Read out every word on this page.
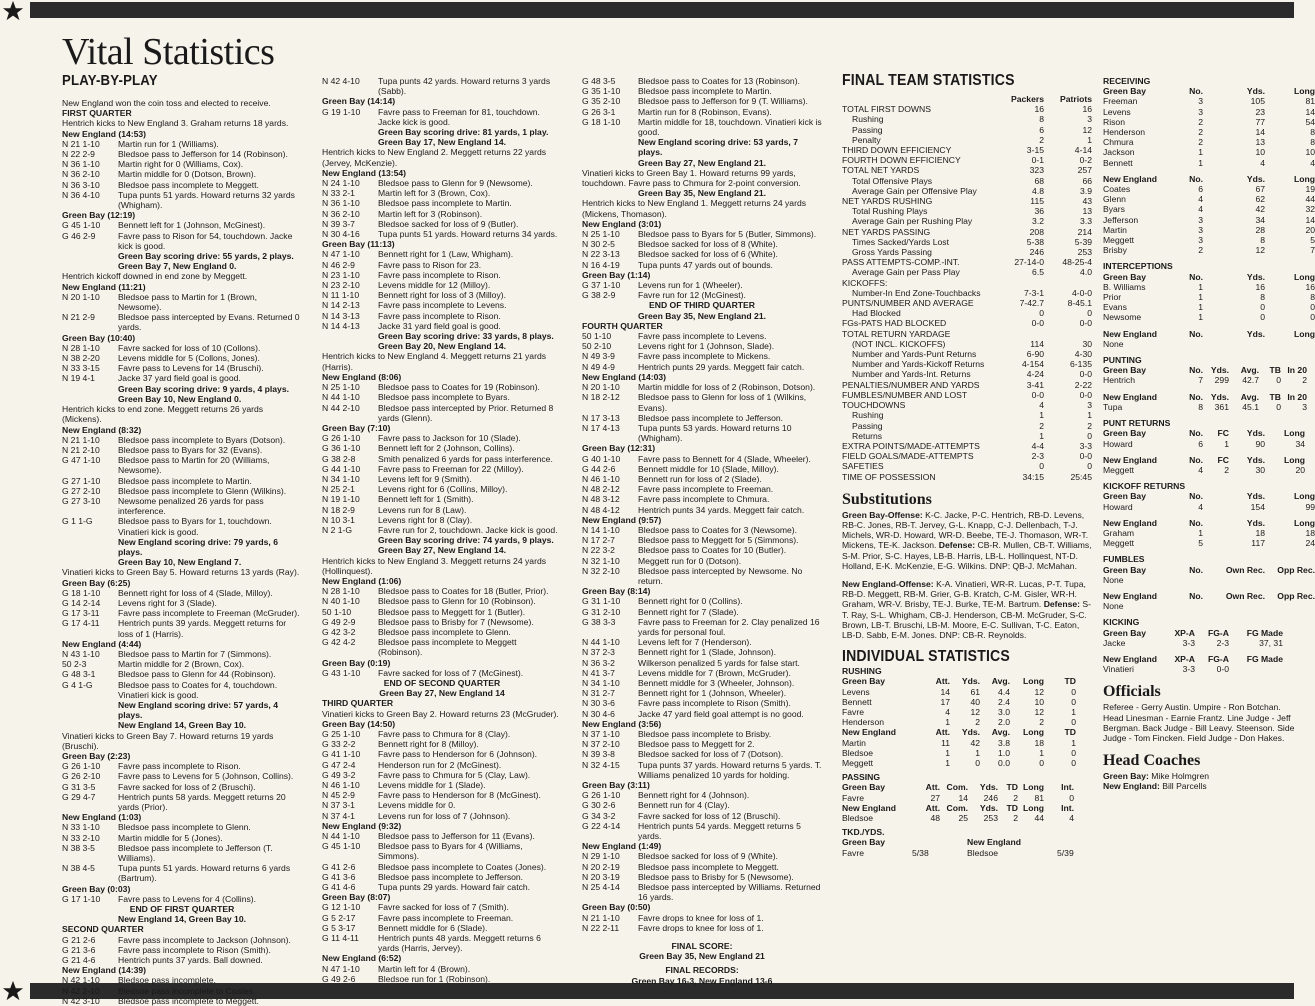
Vital Statistics
PLAY-BY-PLAY
New England won the coin toss and elected to receive.
FIRST QUARTER
Hentrich kicks to New England 3. Graham returns 18 yards.
New England (14:53)
N 21 1-10	Martin run for 1 (Williams).
N 22 2-9	Bledsoe pass to Jefferson for 14 (Robinson).
N 36 1-10	Martin right for 0 (Williams, Cox).
N 36 2-10	Martin middle for 0 (Dotson, Brown).
N 36 3-10	Bledsoe pass incomplete to Meggett.
N 36 4-10	Tupa punts 51 yards. Howard returns 32 yards (Whigham).
Green Bay (12:19)
G 45 1-10	Bennett left for 1 (Johnson, McGinest).
G 46 2-9	Favre pass to Rison for 54, touchdown. Jacke kick is good.
Green Bay scoring drive: 55 yards, 2 plays.
Green Bay 7, New England 0.
Hentrich kickoff downed in end zone by Meggett.
New England (11:21)
N 20 1-10	Bledsoe pass to Martin for 1 (Brown, Newsome).
N 21 2-9	Bledsoe pass intercepted by Evans. Returned 0 yards.
Green Bay (10:40)
N 28 1-10	Favre sacked for loss of 10 (Collons).
N 38 2-20	Levens middle for 5 (Collons, Jones).
N 33 3-15	Favre pass to Levens for 14 (Bruschi).
N 19 4-1	Jacke 37 yard field goal is good.
Green Bay scoring drive: 9 yards, 4 plays.
Green Bay 10, New England 0.
Hentrich kicks to end zone. Meggett returns 26 yards (Mickens).
New England (8:32)
N 21 1-10	Bledsoe pass incomplete to Byars (Dotson).
N 21 2-10	Bledsoe pass to Byars for 32 (Evans).
G 47 1-10	Bledsoe pass to Martin for 20 (Williams, Newsome).
G 27 1-10	Bledsoe pass incomplete to Martin.
G 27 2-10	Bledsoe pass incomplete to Glenn (Wilkins).
G 27 3-10	Newsome penalized 26 yards for pass interference.
G 1 1-G	Bledsoe pass to Byars for 1, touchdown. Vinatieri kick is good.
New England scoring drive: 79 yards, 6 plays.
Green Bay 10, New England 7.
Vinatieri kicks to Green Bay 5. Howard returns 13 yards (Ray).
Green Bay (6:25)
G 18 1-10	Bennett right for loss of 4 (Slade, Milloy).
G 14 2-14	Levens right for 3 (Slade).
G 17 3-11	Favre pass incomplete to Freeman (McGruder).
G 17 4-11	Hentrich punts 39 yards. Meggett returns for loss of 1 (Harris).
New England (4:44)
N 43 1-10	Bledsoe pass to Martin for 7 (Simmons).
50 2-3	Martin middle for 2 (Brown, Cox).
G 48 3-1	Bledsoe pass to Glenn for 44 (Robinson).
G 4 1-G	Bledsoe pass to Coates for 4, touchdown. Vinatieri kick is good.
New England scoring drive: 57 yards, 4 plays.
New England 14, Green Bay 10.
Vinatieri kicks to Green Bay 7. Howard returns 19 yards (Bruschi).
Green Bay (2:23)
G 26 1-10	Favre pass incomplete to Rison.
G 26 2-10	Favre pass to Levens for 5 (Johnson, Collins).
G 31 3-5	Favre sacked for loss of 2 (Bruschi).
G 29 4-7	Hentrich punts 58 yards. Meggett returns 20 yards (Prior).
New England (1:03)
N 33 1-10	Bledsoe pass incomplete to Glenn.
N 33 2-10	Martin middle for 5 (Jones).
N 38 3-5	Bledsoe pass incomplete to Jefferson (T. Williams).
N 38 4-5	Tupa punts 51 yards. Howard returns 6 yards (Bartrum).
Green Bay (0:03)
G 17 1-10	Favre pass to Levens for 4 (Collins).
END OF FIRST QUARTER
New England 14, Green Bay 10.
SECOND QUARTER
G 21 2-6	Favre pass incomplete to Jackson (Johnson).
G 21 3-6	Favre pass incomplete to Rison (Smith).
G 21 4-6	Hentrich punts 37 yards. Ball downed.
New England (14:39)
N 42 1-10	Bledsoe pass incomplete.
N 42 2-10	Bledsoe pass incomplete to Coates.
N 42 3-10	Bledsoe pass incomplete to Meggett.
N 42 4-10	Tupa punts 42 yards. Howard returns 3 yards (Sabb).
Green Bay (14:14)
G 19 1-10	Favre pass to Freeman for 81, touchdown. Jacke kick is good.
Green Bay scoring drive: 81 yards, 1 play.
Green Bay 17, New England 14.
Hentrich kicks to New England 2. Meggett returns 22 yards (Jervey, McKenzie).
New England (13:54)
N 24 1-10	Bledsoe pass to Glenn for 9 (Newsome).
N 33 2-1	Martin left for 3 (Brown, Cox).
N 36 1-10	Bledsoe pass incomplete to Martin.
N 36 2-10	Martin left for 3 (Robinson).
N 39 3-7	Bledsoe sacked for loss of 9 (Butler).
N 30 4-16	Tupa punts 51 yards. Howard returns 34 yards.
Green Bay (11:13)
N 47 1-10	Bennett right for 1 (Law, Whigham).
N 46 2-9	Favre pass to Rison for 23.
N 23 1-10	Favre pass incomplete to Rison.
N 23 2-10	Levens middle for 12 (Milloy).
N 11 1-10	Bennett right for loss of 3 (Milloy).
N 14 2-13	Favre pass incomplete to Levens.
N 14 3-13	Favre pass incomplete to Rison.
N 14 4-13	Jacke 31 yard field goal is good.
Green Bay scoring drive: 33 yards, 8 plays.
Green Bay 20, New England 14.
Hentrich kicks to New England 4. Meggett returns 21 yards (Harris).
New England (8:06)
N 25 1-10	Bledsoe pass to Coates for 19 (Robinson).
N 44 1-10	Bledsoe pass incomplete to Byars.
N 44 2-10	Bledsoe pass intercepted by Prior. Returned 8 yards (Glenn).
Green Bay (7:10)
G 26 1-10	Favre pass to Jackson for 10 (Slade).
G 36 1-10	Bennett left for 2 (Johnson, Collins).
G 38 2-8	Smith penalized 6 yards for pass interference.
G 44 1-10	Favre pass to Freeman for 22 (Milloy).
N 34 1-10	Levens left for 9 (Smith).
N 25 2-1	Levens right for 6 (Collins, Milloy).
N 19 1-10	Bennett left for 1 (Smith).
N 18 2-9	Levens run for 8 (Law).
N 10 3-1	Levens right for 8 (Clay).
N 2 1-G	Favre run for 2, touchdown. Jacke kick is good.
Green Bay scoring drive: 74 yards, 9 plays.
Green Bay 27, New England 14.
Hentrich kicks to New England 3. Meggett returns 24 yards (Hollinquest).
New England (1:06)
N 28 1-10	Bledsoe pass to Coates for 18 (Butler, Prior).
N 40 1-10	Bledsoe pass to Glenn for 10 (Robinson).
50 1-10	Bledsoe pass to Meggett for 1 (Butler).
G 49 2-9	Bledsoe pass to Brisby for 7 (Newsome).
G 42 3-2	Bledsoe pass incomplete to Glenn.
G 42 4-2	Bledsoe pass incomplete to Meggett (Robinson).
Green Bay (0:19)
G 43 1-10	Favre sacked for loss of 7 (McGinest).
END OF SECOND QUARTER
Green Bay 27, New England 14
THIRD QUARTER
Vinatieri kicks to Green Bay 2. Howard returns 23 (McGruder).
Green Bay (14:50)
G 25 1-10	Favre pass to Chmura for 8 (Clay).
G 33 2-2	Bennett right for 8 (Milloy).
G 41 1-10	Favre pass to Henderson for 6 (Johnson).
G 47 2-4	Henderson run for 2 (McGinest).
G 49 3-2	Favre pass to Chmura for 5 (Clay, Law).
N 46 1-10	Levens middle for 1 (Slade).
N 45 2-9	Favre pass to Henderson for 8 (McGinest).
N 37 3-1	Levens middle for 0.
N 37 4-1	Levens run for loss of 7 (Johnson).
New England (9:32)
N 44 1-10	Bledsoe pass to Jefferson for 11 (Evans).
G 45 1-10	Bledsoe pass to Byars for 4 (Williams, Simmons).
G 41 2-6	Bledsoe pass incomplete to Coates (Jones).
G 41 3-6	Bledsoe pass incomplete to Jefferson.
G 41 4-6	Tupa punts 29 yards. Howard fair catch.
Green Bay (8:07)
G 12 1-10	Favre sacked for loss of 7 (Smith).
G 5 2-17	Favre pass incomplete to Freeman.
G 5 3-17	Bennett middle for 6 (Slade).
G 11 4-11	Hentrich punts 48 yards. Meggett returns 6 yards (Harris, Jervey).
New England (6:52)
N 47 1-10	Martin left for 4 (Brown).
G 49 2-6	Bledsoe run for 1 (Robinson).
G 48 3-5	Bledsoe pass to Coates for 13 (Robinson).
G 35 1-10	Bledsoe pass incomplete to Martin.
G 35 2-10	Bledsoe pass to Jefferson for 9 (T. Williams).
G 26 3-1	Martin run for 8 (Robinson, Evans).
G 18 1-10	Martin middle for 18, touchdown. Vinatieri kick is good.
New England scoring drive: 53 yards, 7 plays.
Green Bay 27, New England 21.
Vinatieri kicks to Green Bay 1. Howard returns 99 yards, touchdown. Favre pass to Chmura for 2-point conversion.
Green Bay 35, New England 21.
Hentrich kicks to New England 1. Meggett returns 24 yards (Mickens, Thomason).
New England (3:01)
N 25 1-10	Bledsoe pass to Byars for 5 (Butler, Simmons).
N 30 2-5	Bledsoe sacked for loss of 8 (White).
N 22 3-13	Bledsoe sacked for loss of 6 (White).
N 16 4-19	Tupa punts 47 yards out of bounds.
Green Bay (1:14)
G 37 1-10	Levens run for 1 (Wheeler).
G 38 2-9	Favre run for 12 (McGinest).
END OF THIRD QUARTER
Green Bay 35, New England 21.
FOURTH QUARTER
50 1-10	Favre pass incomplete to Levens.
50 2-10	Levens right for 1 (Johnson, Slade).
N 49 3-9	Favre pass incomplete to Mickens.
N 49 4-9	Hentrich punts 29 yards. Meggett fair catch.
New England (14:03)
N 20 1-10	Martin middle for loss of 2 (Robinson, Dotson).
N 18 2-12	Bledsoe pass to Glenn for loss of 1 (Wilkins, Evans).
N 17 3-13	Bledsoe pass incomplete to Jefferson.
N 17 4-13	Tupa punts 53 yards. Howard returns 10 (Whigham).
Green Bay (12:31)
G 40 1-10	Favre pass to Bennett for 4 (Slade, Wheeler).
G 44 2-6	Bennett middle for 10 (Slade, Milloy).
N 46 1-10	Bennett run for loss of 2 (Slade).
N 48 2-12	Favre pass incomplete to Freeman.
N 48 3-12	Favre pass incomplete to Chmura.
N 48 4-12	Hentrich punts 34 yards. Meggett fair catch.
New England (9:57)
N 14 1-10	Bledsoe pass to Coates for 3 (Newsome).
N 17 2-7	Bledsoe pass to Meggett for 5 (Simmons).
N 22 3-2	Bledsoe pass to Coates for 10 (Butler).
N 32 1-10	Meggett run for 0 (Dotson).
N 32 2-10	Bledsoe pass intercepted by Newsome. No return.
Green Bay (8:14)
G 31 1-10	Bennett right for 0 (Collins).
G 31 2-10	Bennett right for 7 (Slade).
G 38 3-3	Favre pass to Freeman for 2. Clay penalized 16 yards for personal foul.
N 44 1-10	Levens left for 7 (Henderson).
N 37 2-3	Bennett right for 1 (Slade, Johnson).
N 36 3-2	Wilkerson penalized 5 yards for false start.
N 41 3-7	Levens middle for 7 (Brown, McGruder).
N 34 1-10	Bennett middle for 3 (Wheeler, Johnson).
N 31 2-7	Bennett right for 1 (Johnson, Wheeler).
N 30 3-6	Favre pass incomplete to Rison (Smith).
N 30 4-6	Jacke 47 yard field goal attempt is no good.
New England (3:56)
N 37 1-10	Bledsoe pass incomplete to Brisby.
N 37 2-10	Bledsoe pass to Meggett for 2.
N 39 3-8	Bledsoe sacked for loss of 7 (Dotson).
N 32 4-15	Tupa punts 37 yards. Howard returns 5 yards. T. Williams penalized 10 yards for holding.
Green Bay (3:11)
G 26 1-10	Bennett right for 4 (Johnson).
G 30 2-6	Bennett run for 4 (Clay).
G 34 3-2	Favre sacked for loss of 12 (Bruschi).
G 22 4-14	Hentrich punts 54 yards. Meggett returns 5 yards.
New England (1:49)
N 29 1-10	Bledsoe sacked for loss of 9 (White).
N 20 2-19	Bledsoe pass incomplete to Meggett.
N 20 3-19	Bledsoe pass to Brisby for 5 (Newsome).
N 25 4-14	Bledsoe pass intercepted by Williams. Returned 16 yards.
Green Bay (0:50)
N 21 1-10	Favre drops to knee for loss of 1.
N 22 2-11	Favre drops to knee for loss of 1.
FINAL SCORE:
Green Bay 35, New England 21
FINAL RECORDS:
Green Bay 16-3, New England 13-6
FINAL TEAM STATISTICS
Packers	Patriots
TOTAL FIRST DOWNS	16	16
Rushing	8	3
Passing	6	12
Penalty	2	1
THIRD DOWN EFFICIENCY	3-15	4-14
FOURTH DOWN EFFICIENCY	0-1	0-2
TOTAL NET YARDS	323	257
Total Offensive Plays	68	66
Average Gain per Offensive Play	4.8	3.9
NET YARDS RUSHING	115	43
Total Rushing Plays	36	13
Average Gain per Rushing Play	3.2	3.3
NET YARDS PASSING	208	214
Times Sacked/Yards Lost	5-38	5-39
Gross Yards Passing	246	253
PASS ATTEMPTS-COMP.-INT.	27-14-0	48-25-4
Average Gain per Pass Play	6.5	4.0
KICKOFFS:
Number-In End Zone-Touchbacks	7-3-1	4-0-0
PUNTS/NUMBER AND AVERAGE	7-42.7	8-45.1
Had Blocked	0	0
FGs-PATS HAD BLOCKED	0-0	0-0
TOTAL RETURN YARDAGE
(NOT INCL. KICKOFFS)	114	30
Number and Yards-Punt Returns	6-90	4-30
Number and Yards-Kickoff Returns	4-154	6-135
Number and Yards-Int. Returns	4-24	0-0
PENALTIES/NUMBER AND YARDS	3-41	2-22
FUMBLES/NUMBER AND LOST	0-0	0-0
TOUCHDOWNS	4	3
Rushing	1	1
Passing	2	2
Returns	1	0
EXTRA POINTS/MADE-ATTEMPTS	4-4	3-3
FIELD GOALS/MADE-ATTEMPTS	2-3	0-0
SAFETIES	0	0
TIME OF POSSESSION	34:15	25:45
Substitutions
Green Bay-Offense: K-C. Jacke, P-C. Hentrich, RB-D. Levens, RB-C. Jones, RB-T. Jervey, G-L. Knapp, C-J. Dellenbach, T-J. Michels, WR-D. Howard, WR-D. Beebe, TE-J. Thomason, WR-T. Mickens, TE-K. Jackson. Defense: CB-R. Mullen, CB-T. Williams, S-M. Prior, S-C. Hayes, LB-B. Harris, LB-L. Hollinquest, NT-D. Holland, E-K. McKenzie, E-G. Wilkins. DNP: QB-J. McMahan.
New England-Offense: K-A. Vinatieri, WR-R. Lucas, P-T. Tupa, RB-D. Meggett, RB-M. Grier, G-B. Kratch, C-M. Gisler, WR-H. Graham, WR-V. Brisby, TE-J. Burke, TE-M. Bartrum. Defense: S-T. Ray, S-L. Whigham, CB-J. Henderson, CB-M. McGruder, S-C. Brown, LB-T. Bruschi, LB-M. Moore, E-C. Sullivan, T-C. Eaton, LB-D. Sabb, E-M. Jones. DNP: CB-R. Reynolds.
INDIVIDUAL STATISTICS
RUSHING
Green Bay	Att.	Yds.	Avg.	Long	TD
Levens	14	61	4.4	12	0
Bennett	17	40	2.4	10	0
Favre	4	12	3.0	12	1
Henderson	1	2	2.0	2	0
New England	Att.	Yds.	Avg.	Long	TD
Martin	11	42	3.8	18	1
Bledsoe	1	1	1.0	1	0
Meggett	1	0	0.0	0	0
PASSING
Green Bay	Att. Com.	Yds. TD Long	Int.
Favre	27	14	246	2	81	0
New England	Att. Com.	Yds. TD Long	Int.
Bledsoe	48	25	253	2	44	4
TKD./YDS.
Green Bay
Favre	5/38
New England
Bledsoe	5/39
RECEIVING
Green Bay	No.	Yds.	Long
Freeman	3	105	81
Levens	3	23	14
Rison	2	77	54
Henderson	2	14	8
Chmura	2	13	8
Jackson	1	10	10
Bennett	1	4	4
New England	No.	Yds.	Long
Coates	6	67	19
Glenn	4	62	44
Byars	4	42	32
Jefferson	3	34	14
Martin	3	28	20
Meggett	3	8	5
Brisby	2	12	7
INTERCEPTIONS
Green Bay	No.	Yds.	Long
B. Williams	1	16	16
Prior	1	8	8
Evans	1	0	0
Newsome	1	0	0
New England	No.	Yds.	Long
None
PUNTING
Green Bay	No. Yds.	Avg.	TB In 20
Hentrich	7	299	42.7	0	2
New England	No. Yds.	Avg.	TB In 20
Tupa	8	361	45.1	0	3
PUNT RETURNS
Green Bay	No.	FC	Yds.	Long
Howard	6	1	90	34
New England	No.	FC	Yds.	Long
Meggett	4	2	30	20
KICKOFF RETURNS
Green Bay	No.	Yds.	Long
Howard	4	154	99
New England	No.	Yds.	Long
Graham	1	18	18
Meggett	5	117	24
FUMBLES
Green Bay	No.	Own Rec.	Opp Rec.
None
New England	No.	Own Rec.	Opp Rec.
None
KICKING
Green Bay	XP-A	FG-A	FG Made
Jacke	3-3	2-3	37, 31
New England	XP-A	FG-A	FG Made
Vinatieri	3-3	0-0
Officials
Referee - Gerry Austin. Umpire - Ron Botchan. Head Linesman - Earnie Frantz. Line Judge - Jeff Bergman. Back Judge - Bill Leavy. Steenson. Side Judge - Tom Fincken. Field Judge - Don Hakes.
Head Coaches
Green Bay: Mike Holmgren
New England: Bill Parcells
